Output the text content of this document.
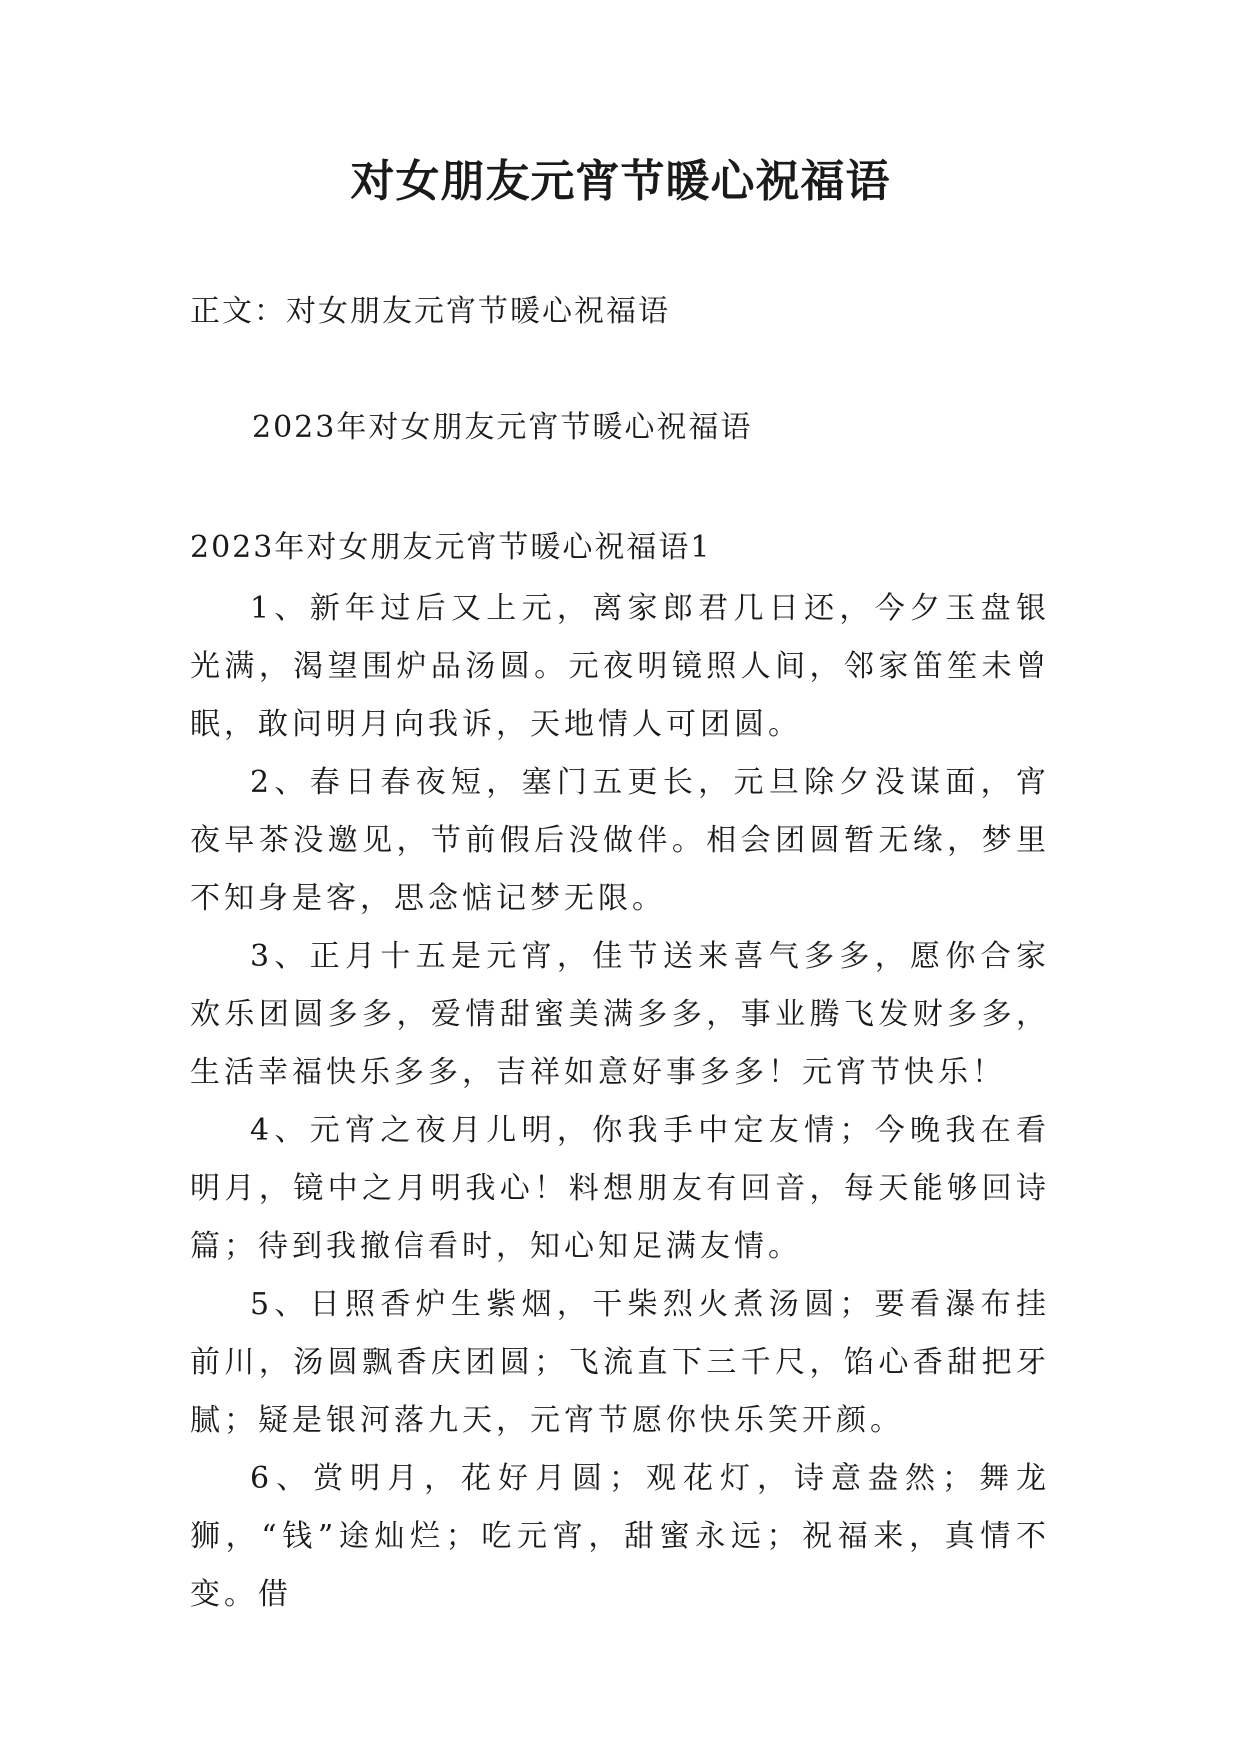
对女朋友元宵节暖心祝福语
正文：对女朋友元宵节暖心祝福语
2023年对女朋友元宵节暖心祝福语
2023年对女朋友元宵节暖心祝福语1

1、新年过后又上元，离家郎君几日还，今夕玉盘银光满，渴望围炉品汤圆。元夜明镜照人间，邻家笛笙未曾眠，敢问明月向我诉，天地情人可团圆。

2、春日春夜短，塞门五更长，元旦除夕没谋面，宵夜早茶没邀见，节前假后没做伴。相会团圆暂无缘，梦里不知身是客，思念惦记梦无限。

3、正月十五是元宵，佳节送来喜气多多，愿你合家欢乐团圆多多，爱情甜蜜美满多多，事业腾飞发财多多，生活幸福快乐多多，吉祥如意好事多多！元宵节快乐！

4、元宵之夜月儿明，你我手中定友情；今晚我在看明月，镜中之月明我心！料想朋友有回音，每天能够回诗篇；待到我撤信看时，知心知足满友情。

5、日照香炉生紫烟，干柴烈火煮汤圆；要看瀑布挂前川，汤圆飘香庆团圆；飞流直下三千尺，馅心香甜把牙腻；疑是银河落九天，元宵节愿你快乐笑开颜。

6、赏明月，花好月圆；观花灯，诗意盎然；舞龙狮，“钱”途灿烂；吃元宵，甜蜜永远；祝福来，真情不变。借
